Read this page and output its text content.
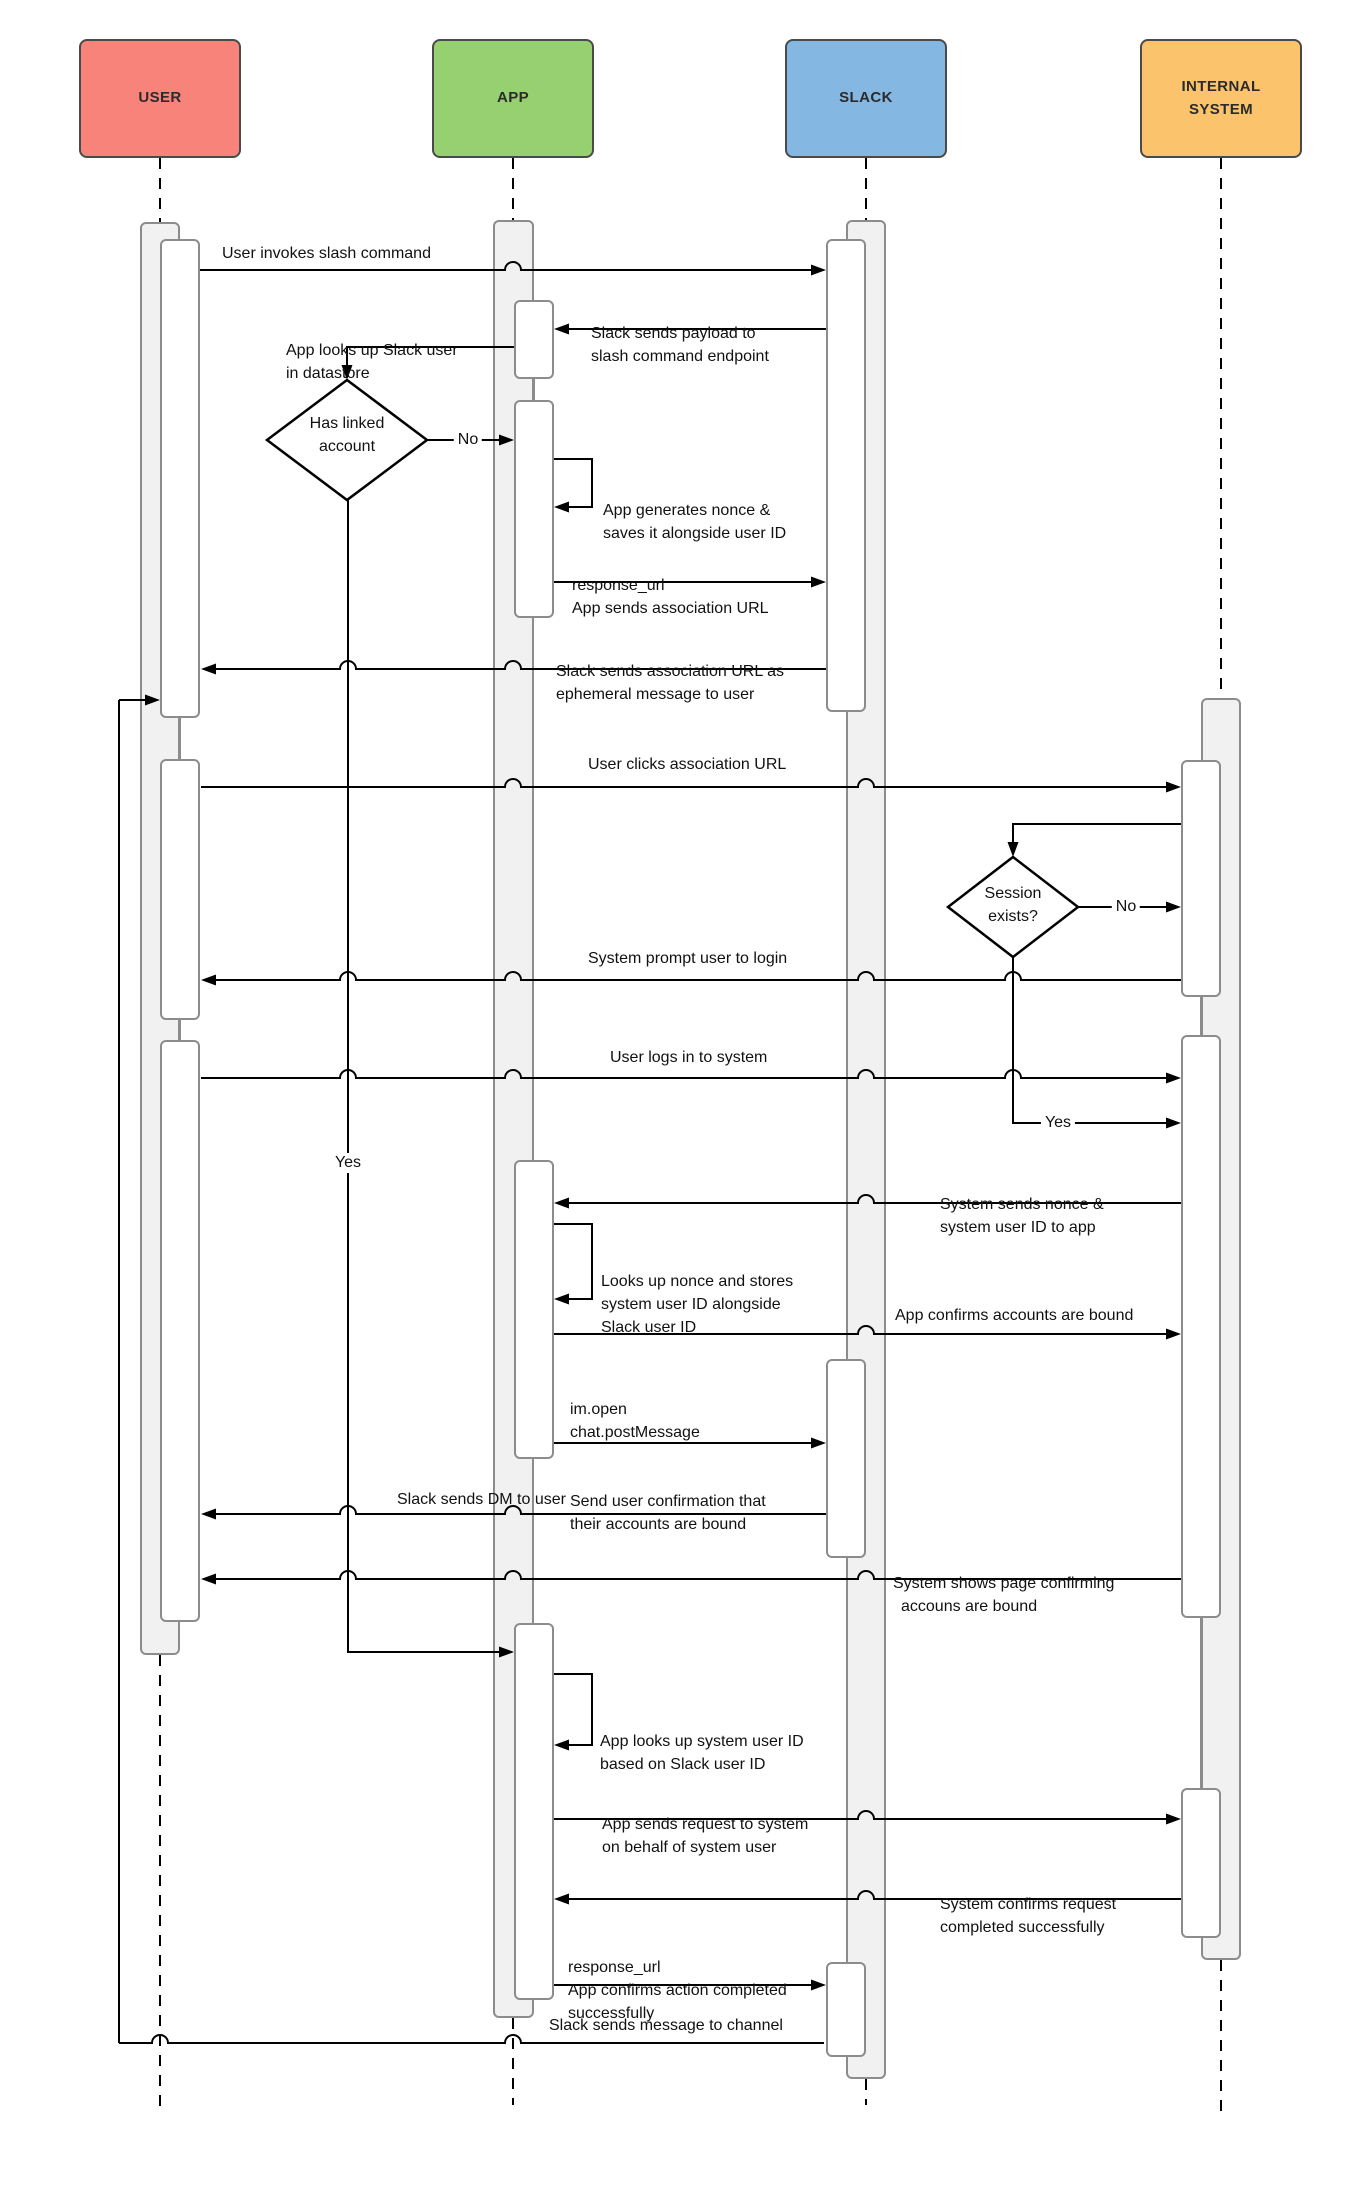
USER	APP	SLACK
INTERNAL SYSTEM
Has linked
account
Session
exists?
No
Yes
No
Yes
User invokes slash command

Slack sends payload to
slash command endpoint

App looks up Slack user
in datastore

App generates nonce &
saves it alongside user ID

response_url
App sends association URL

Slack sends association URL as
ephemeral message to user

User clicks association URL
System prompt user to login
User logs in to system

System sends nonce &
system user ID to app

Looks up nonce and stores
system user ID alongside
Slack user ID

App confirms accounts are bound

im.open
chat.postMessage

Send user confirmation that
their accounts are bound

Slack sends DM to user

System shows page confirming
accouns are bound

App looks up system user ID
based on Slack user ID

App sends request to system
on behalf of system user

System confirms request
completed successfully

response_url
App confirms action completed
successfully

Slack sends message to channel
